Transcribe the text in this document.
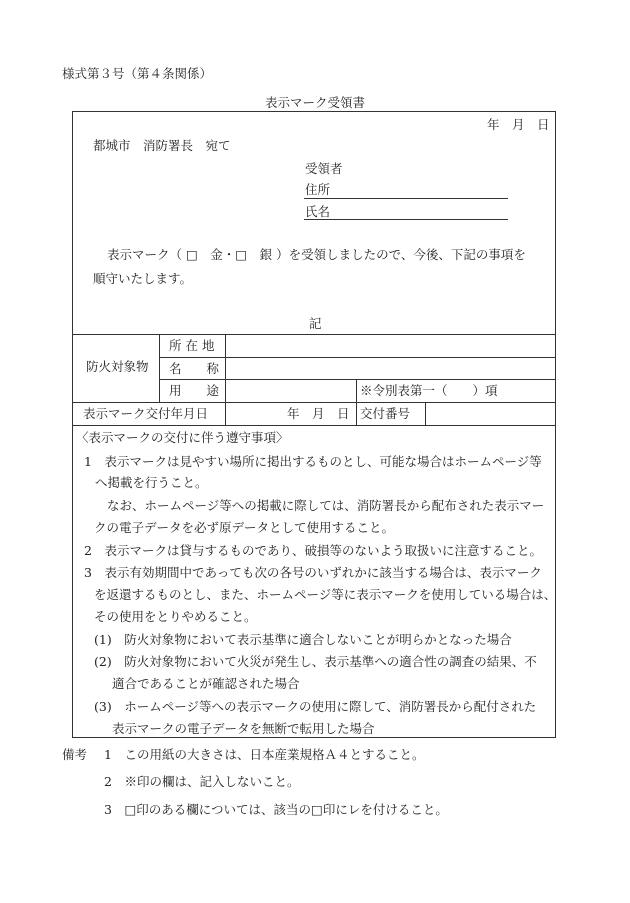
様式第３号（第４条関係）
表示マーク受領書
年　月　日
都城市　消防署長　宛て
受領者
住所
氏名
表示マーク（ □　金・□　銀 ）を受領しましたので、今後、下記の事項を
順守いたします。
記
防火対象物
所 在 地
名　　称
用　　途	※令別表第一（　　）項
表示マーク交付年月日	年　月　日 交付番号
〈表示マークの交付に伴う遵守事項〉
1　表示マークは見やすい場所に掲出するものとし、可能な場合はホームページ等
へ掲載を行うこと。
なお、ホームページ等への掲載に際しては、消防署長から配布された表示マー
クの電子データを必ず原データとして使用すること。
2　表示マークは貸与するものであり、破損等のないよう取扱いに注意すること。
3　表示有効期間中であっても次の各号のいずれかに該当する場合は、表示マーク
を返還するものとし、また、ホームページ等に表示マークを使用している場合は、
その使用をとりやめること。
(1)　防火対象物において表示基準に適合しないことが明らかとなった場合
(2)　防火対象物において火災が発生し、表示基準への適合性の調査の結果、不
適合であることが確認された場合
(3)　ホームページ等への表示マークの使用に際して、消防署長から配付された
表示マークの電子データを無断で転用した場合
備考 1　この用紙の大きさは、日本産業規格Ａ４とすること。
2　※印の欄は、記入しないこと。
3　□印のある欄については、該当の□印にレを付けること。
